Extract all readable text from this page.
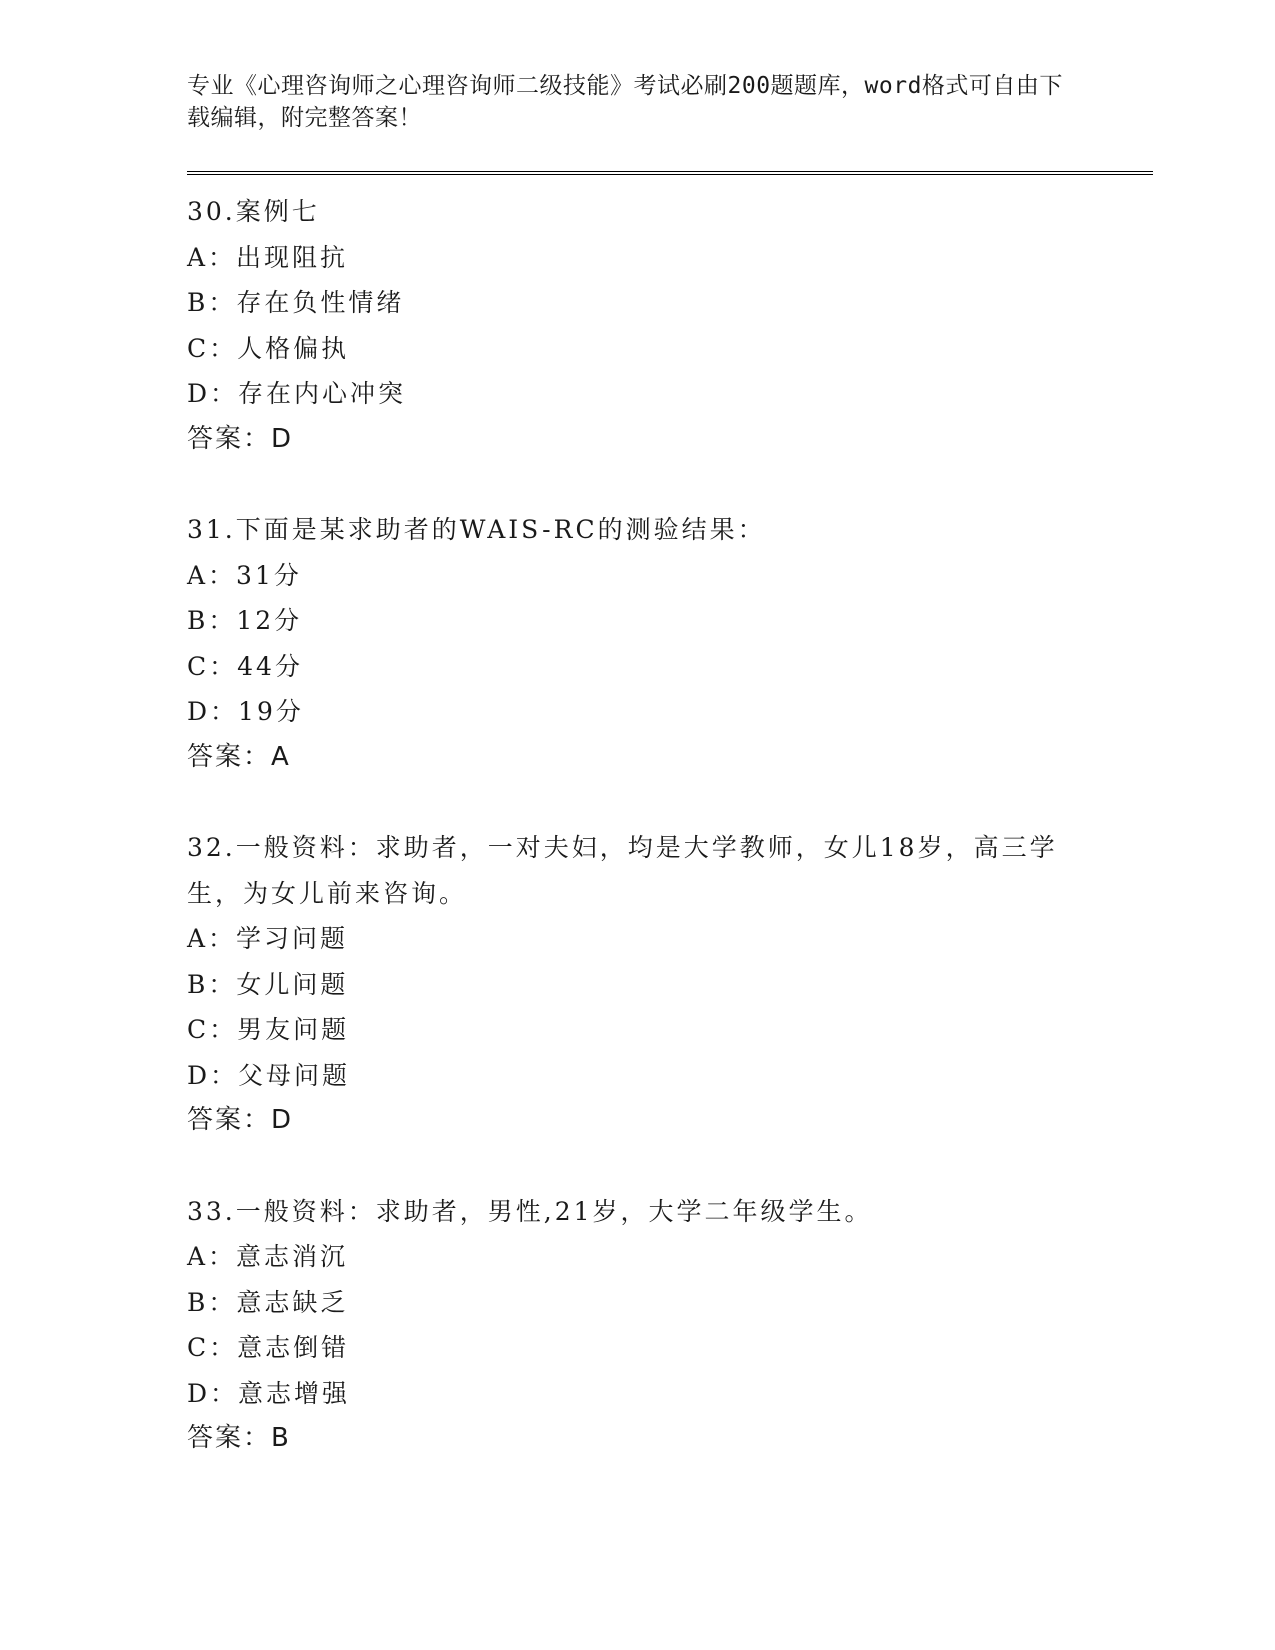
专业《心理咨询师之心理咨询师二级技能》考试必刷200题题库，word格式可自由下载编辑，附完整答案！

30.案例七
A：出现阻抗
B：存在负性情绪
C：人格偏执
D：存在内心冲突
答案：D
31.下面是某求助者的WAIS-RC的测验结果：
A：31分
B：12分
C：44分
D：19分
答案：A
32.一般资料：求助者，一对夫妇，均是大学教师，女儿18岁，高三学生，为女儿前来咨询。
A：学习问题
B：女儿问题
C：男友问题
D：父母问题
答案：D
33.一般资料：求助者，男性,21岁，大学二年级学生。
A：意志消沉
B：意志缺乏
C：意志倒错
D：意志增强
答案：B
